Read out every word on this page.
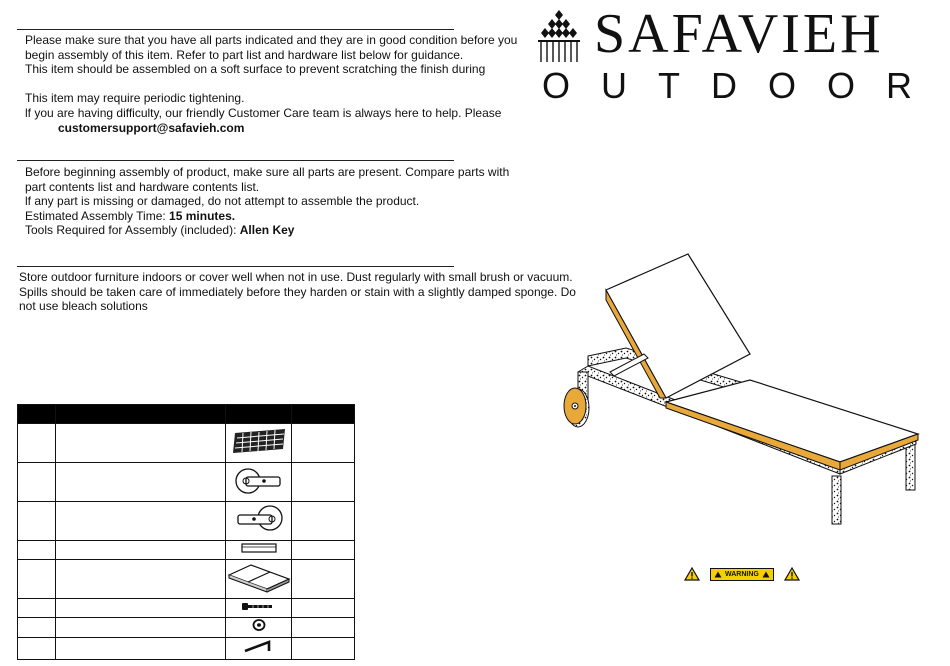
SAFAVIEH
OUTDOOR
Please make sure that you have all parts indicated and they are in good condition before you
begin assembly of this item. Refer to part list and hardware list below for guidance.
This item should be assembled on a soft surface to prevent scratching the finish during
This item may require periodic tightening.
lf you are having difficulty, our friendly Customer Care team is always here to help. Please
customersupport@safavieh.com
Before beginning assembly of product, make sure all parts are present. Compare parts with
part contents list and hardware contents list.
lf any part is missing or damaged, do not attempt to assemble the product.
Estimated Assembly Time: 15 minutes.
Tools Required for Assembly (included): Allen Key
Store outdoor furniture indoors or cover well when not in use. Dust regularly with small brush or vacuum.
Spills should be taken care of immediately before they harden or stain with a slightly damped sponge. Do
not use bleach solutions

WARNING
